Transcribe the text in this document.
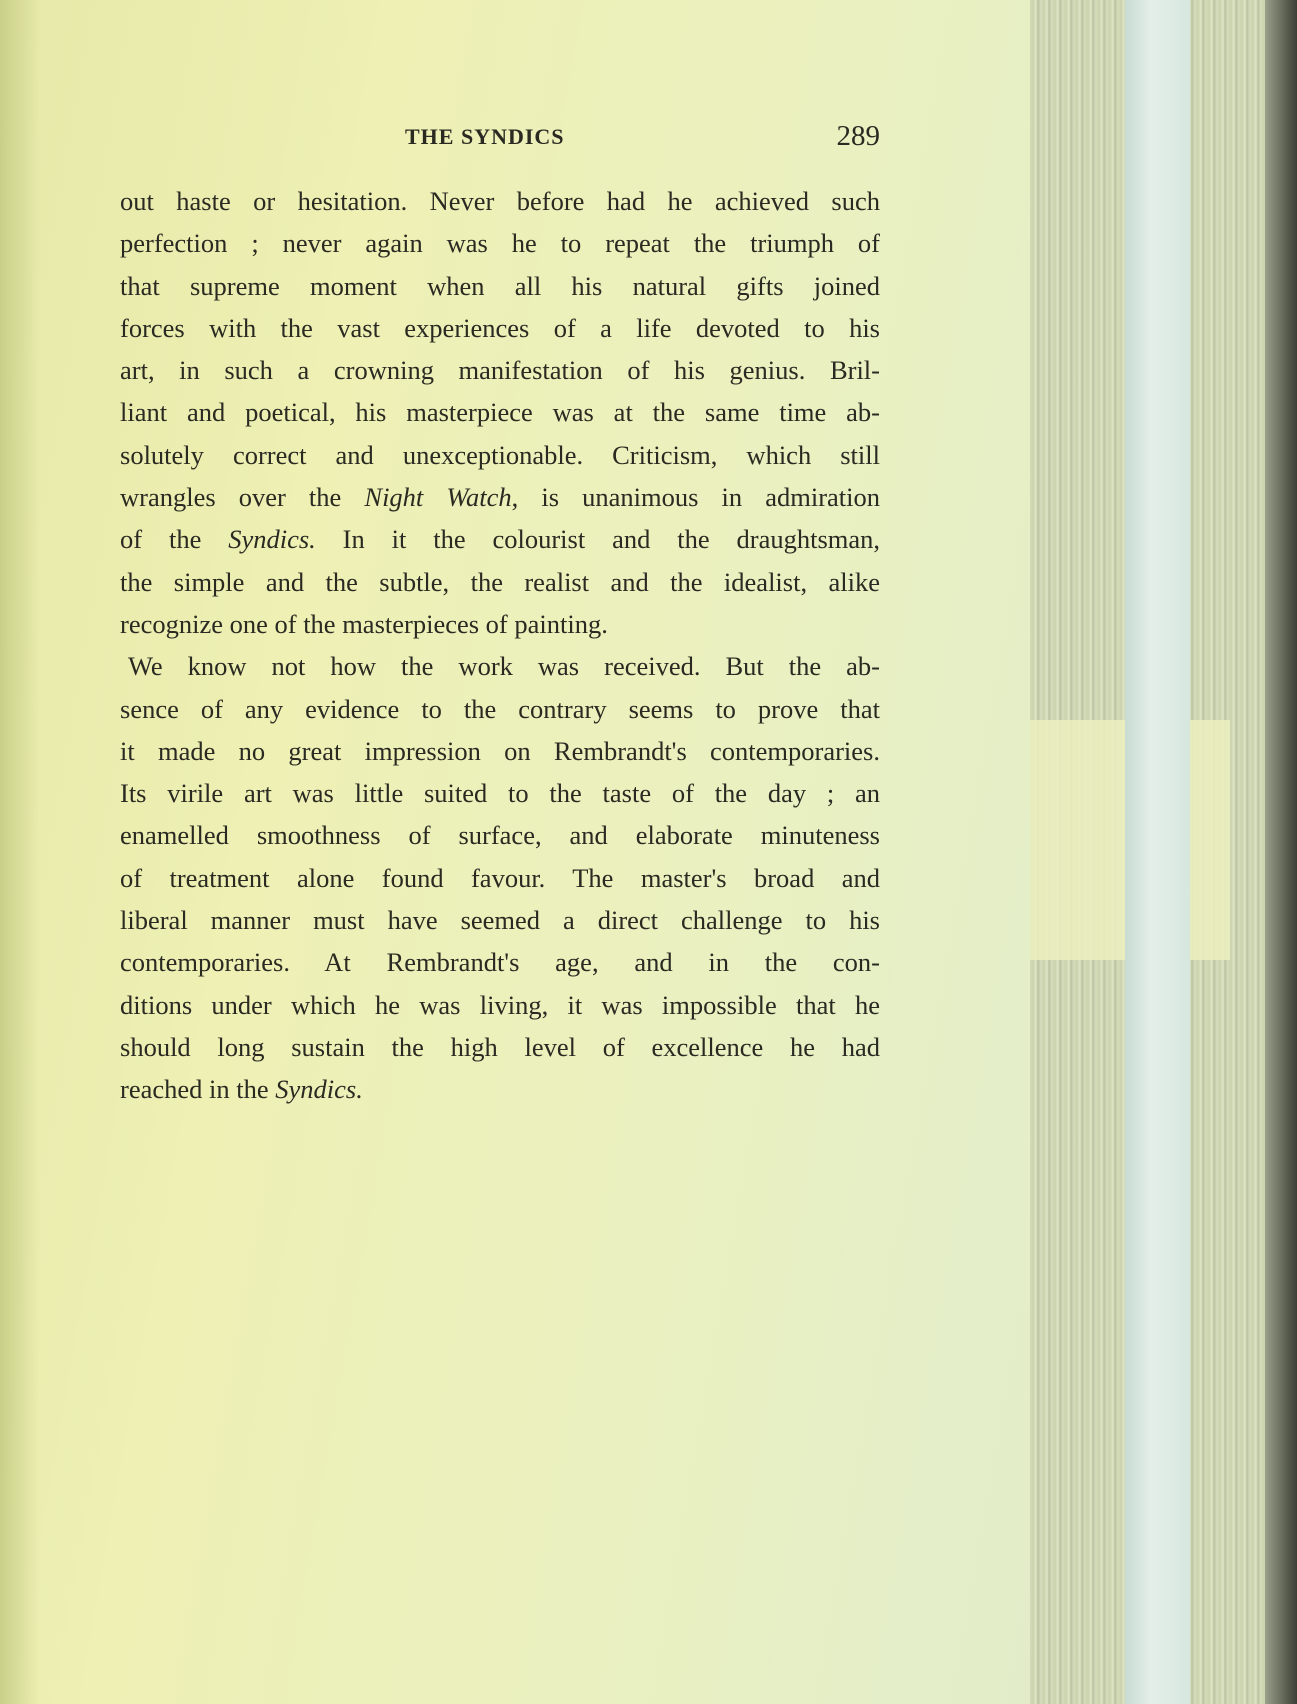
THE SYNDICS	289
out haste or hesitation. Never before had he achieved such
perfection ; never again was he to repeat the triumph of
that supreme moment when all his natural gifts joined
forces with the vast experiences of a life devoted to his
art, in such a crowning manifestation of his genius. Bril-
liant and poetical, his masterpiece was at the same time ab-
solutely correct and unexceptionable. Criticism, which still
wrangles over the Night Watch, is unanimous in admiration
of the Syndics. In it the colourist and the draughtsman,
the simple and the subtle, the realist and the idealist, alike
recognize one of the masterpieces of painting.
We know not how the work was received. But the ab-
sence of any evidence to the contrary seems to prove that
it made no great impression on Rembrandt's contemporaries.
Its virile art was little suited to the taste of the day ; an
enamelled smoothness of surface, and elaborate minuteness
of treatment alone found favour. The master's broad and
liberal manner must have seemed a direct challenge to his
contemporaries. At Rembrandt's age, and in the con-
ditions under which he was living, it was impossible that he
should long sustain the high level of excellence he had
reached in the Syndics.
